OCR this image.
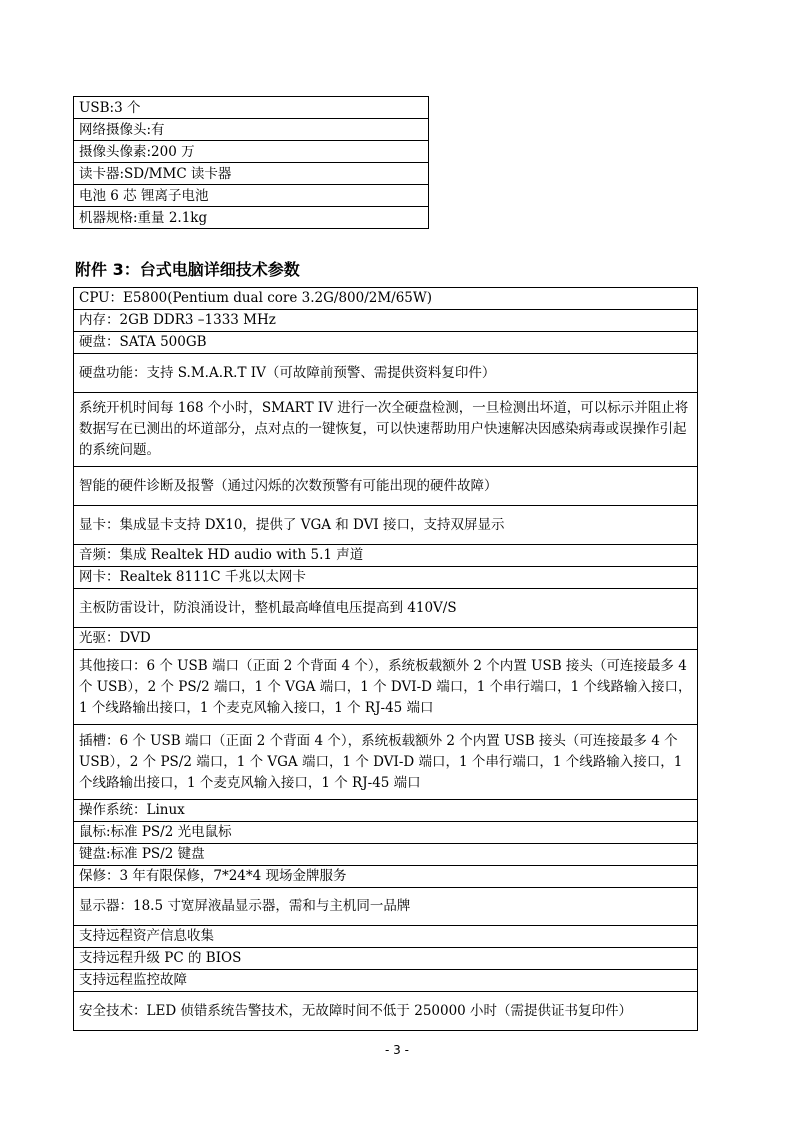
USB:3 个
网络摄像头:有
摄像头像素:200 万
读卡器:SD/MMC 读卡器
电池 6 芯 锂离子电池
机器规格:重量 2.1kg
附件 3：台式电脑详细技术参数
CPU：E5800(Pentium dual core 3.2G/800/2M/65W)
内存：2GB DDR3 –1333 MHz
硬盘：SATA 500GB
硬盘功能：支持 S.M.A.R.T IV（可故障前预警、需提供资料复印件）
系统开机时间每 168 个小时，SMART IV 进行一次全硬盘检测，一旦检测出坏道，可以标示并阻止将数据写在已测出的坏道部分，点对点的一键恢复，可以快速帮助用户快速解决因感染病毒或误操作引起的系统问题。
智能的硬件诊断及报警（通过闪烁的次数预警有可能出现的硬件故障）
显卡：集成显卡支持 DX10，提供了 VGA 和 DVI 接口，支持双屏显示
音频：集成 Realtek HD audio with 5.1 声道
网卡：Realtek 8111C 千兆以太网卡
主板防雷设计，防浪涌设计，整机最高峰值电压提高到 410V/S
光驱：DVD
其他接口：6 个 USB 端口（正面 2 个背面 4 个），系统板载额外 2 个内置 USB 接头（可连接最多 4 个 USB），2 个 PS/2 端口，1 个 VGA 端口，1 个 DVI-D 端口，1 个串行端口，1 个线路输入接口，1 个线路输出接口，1 个麦克风输入接口，1 个 RJ-45 端口
插槽：6 个 USB 端口（正面 2 个背面 4 个），系统板载额外 2 个内置 USB 接头（可连接最多 4 个 USB），2 个 PS/2 端口，1 个 VGA 端口，1 个 DVI-D 端口，1 个串行端口，1 个线路输入接口，1 个线路输出接口，1 个麦克风输入接口，1 个 RJ-45 端口
操作系统：Linux
鼠标:标准 PS/2 光电鼠标
键盘:标准 PS/2 键盘
保修：3 年有限保修，7*24*4 现场金牌服务
显示器：18.5 寸宽屏液晶显示器，需和与主机同一品牌
支持远程资产信息收集
支持远程升级 PC 的 BIOS
支持远程监控故障
安全技术：LED 侦错系统告警技术，无故障时间不低于 250000 小时（需提供证书复印件）
- 3 -
